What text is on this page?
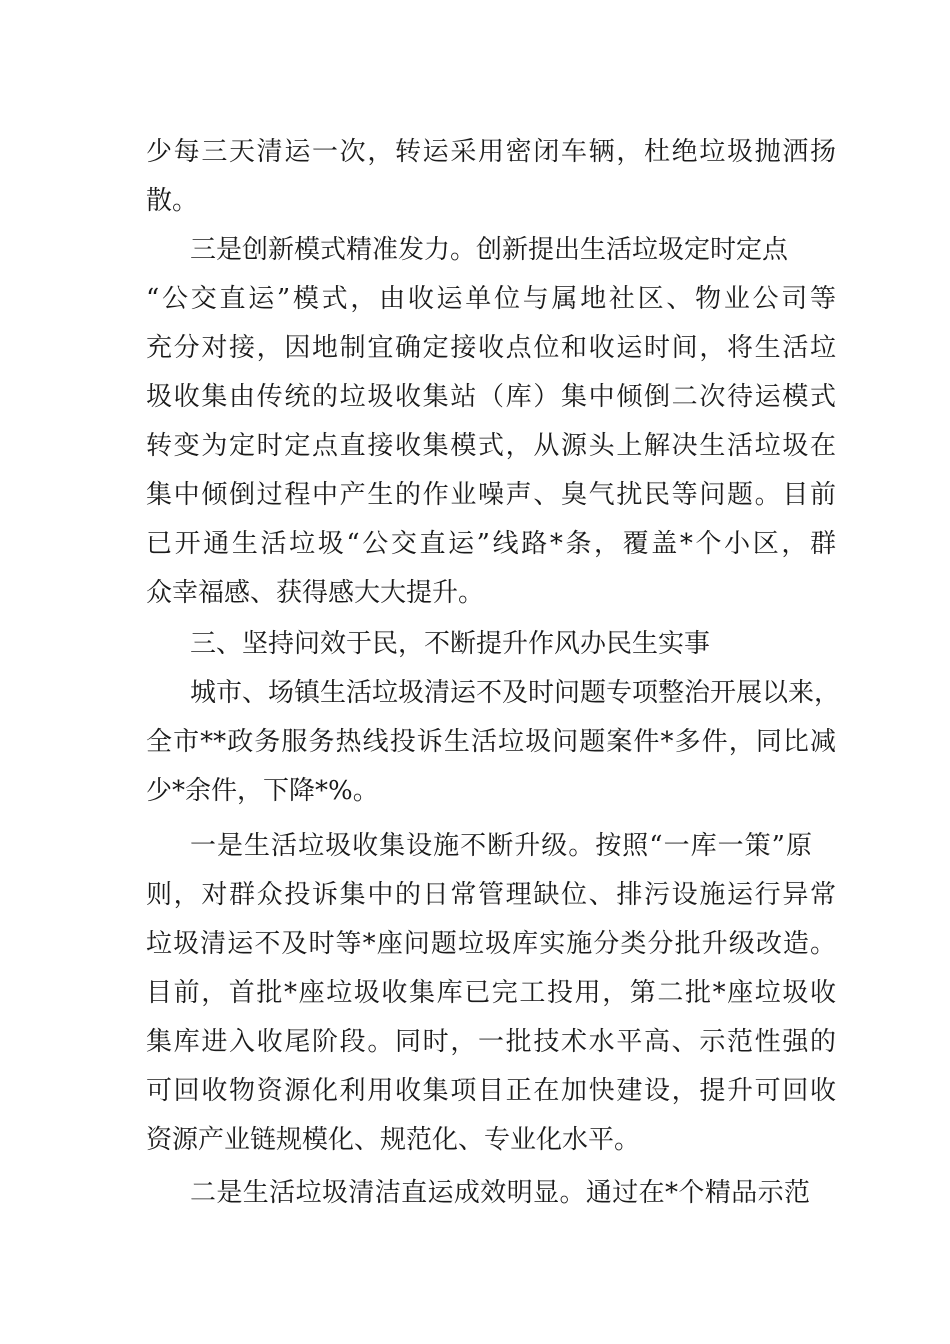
少每三天清运一次，转运采用密闭车辆，杜绝垃圾抛洒扬
散。
三是创新模式精准发力。创新提出生活垃圾定时定点
“公交直运”模式，由收运单位与属地社区、物业公司等
充分对接，因地制宜确定接收点位和收运时间，将生活垃
圾收集由传统的垃圾收集站（库）集中倾倒二次待运模式
转变为定时定点直接收集模式，从源头上解决生活垃圾在
集中倾倒过程中产生的作业噪声、臭气扰民等问题。目前
已开通生活垃圾“公交直运”线路*条，覆盖*个小区，群
众幸福感、获得感大大提升。
三、坚持问效于民，不断提升作风办民生实事
城市、场镇生活垃圾清运不及时问题专项整治开展以来，
全市**政务服务热线投诉生活垃圾问题案件*多件，同比减
少*余件，下降*%。
一是生活垃圾收集设施不断升级。按照“一库一策”原
则，对群众投诉集中的日常管理缺位、排污设施运行异常
垃圾清运不及时等*座问题垃圾库实施分类分批升级改造。
目前，首批*座垃圾收集库已完工投用，第二批*座垃圾收
集库进入收尾阶段。同时，一批技术水平高、示范性强的
可回收物资源化利用收集项目正在加快建设，提升可回收
资源产业链规模化、规范化、专业化水平。
二是生活垃圾清洁直运成效明显。通过在*个精品示范
